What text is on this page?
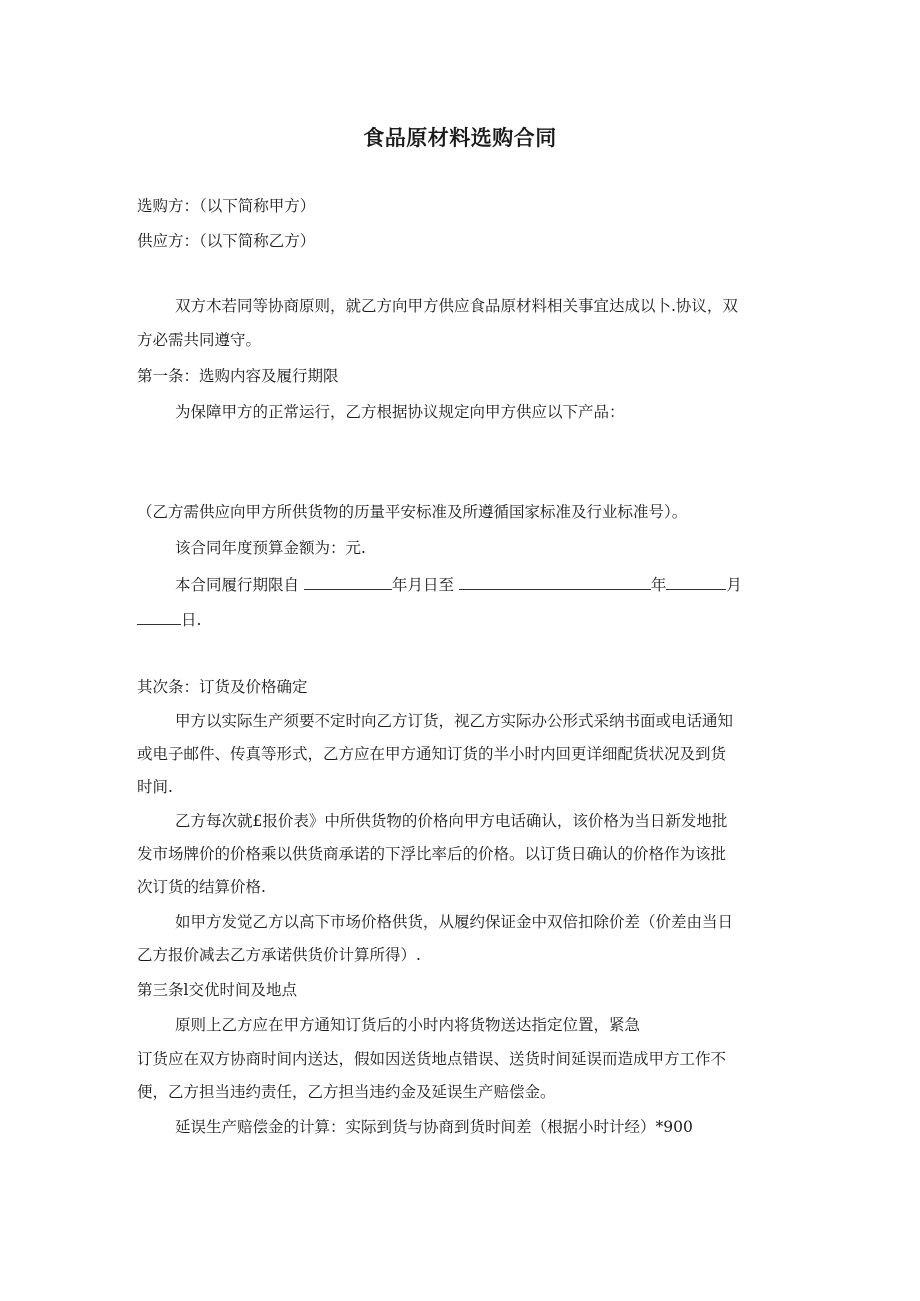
食品原材料选购合同
选购方：（以下简称甲方）
供应方：（以下简称乙方）
双方木若同等协商原则，就乙方向甲方供应食品原材料相关事宜达成以卜.协议，双
方必需共同遵守。
第一条：选购内容及履行期限
为保障甲方的正常运行，乙方根据协议规定向甲方供应以下产品：
（乙方需供应向甲方所供货物的历量平安标准及所遵循国家标准及行业标准号）。
该合同年度预算金额为：元.
本合同履行期限自	年月日至	年	月
日.
其次条：订货及价格确定
甲方以实际生产须要不定时向乙方订货，视乙方实际办公形式采纳书面或电话通知
或电子邮件、传真等形式，乙方应在甲方通知订货的半小时内回更详细配货状况及到货
时间.
乙方每次就£报价表》中所供货物的价格向甲方电话确认，该价格为当日新发地批
发市场牌价的价格乘以供货商承诺的下浮比率后的价格。以订货日确认的价格作为该批
次订货的结算价格.
如甲方发觉乙方以高下市场价格供货，从履约保证金中双倍扣除价差（价差由当日
乙方报价减去乙方承诺供货价计算所得）.
第三条l交优时间及地点
原则上乙方应在甲方通知订货后的小时内将货物送达指定位置，紧急
订货应在双方协商时间内送达，假如因送货地点错误、送货时间延误而造成甲方工作不
便，乙方担当违约责任，乙方担当违约金及延误生产赔偿金。
延误生产赔偿金的计算：实际到货与协商到货时间差（根据小时计经）*900
